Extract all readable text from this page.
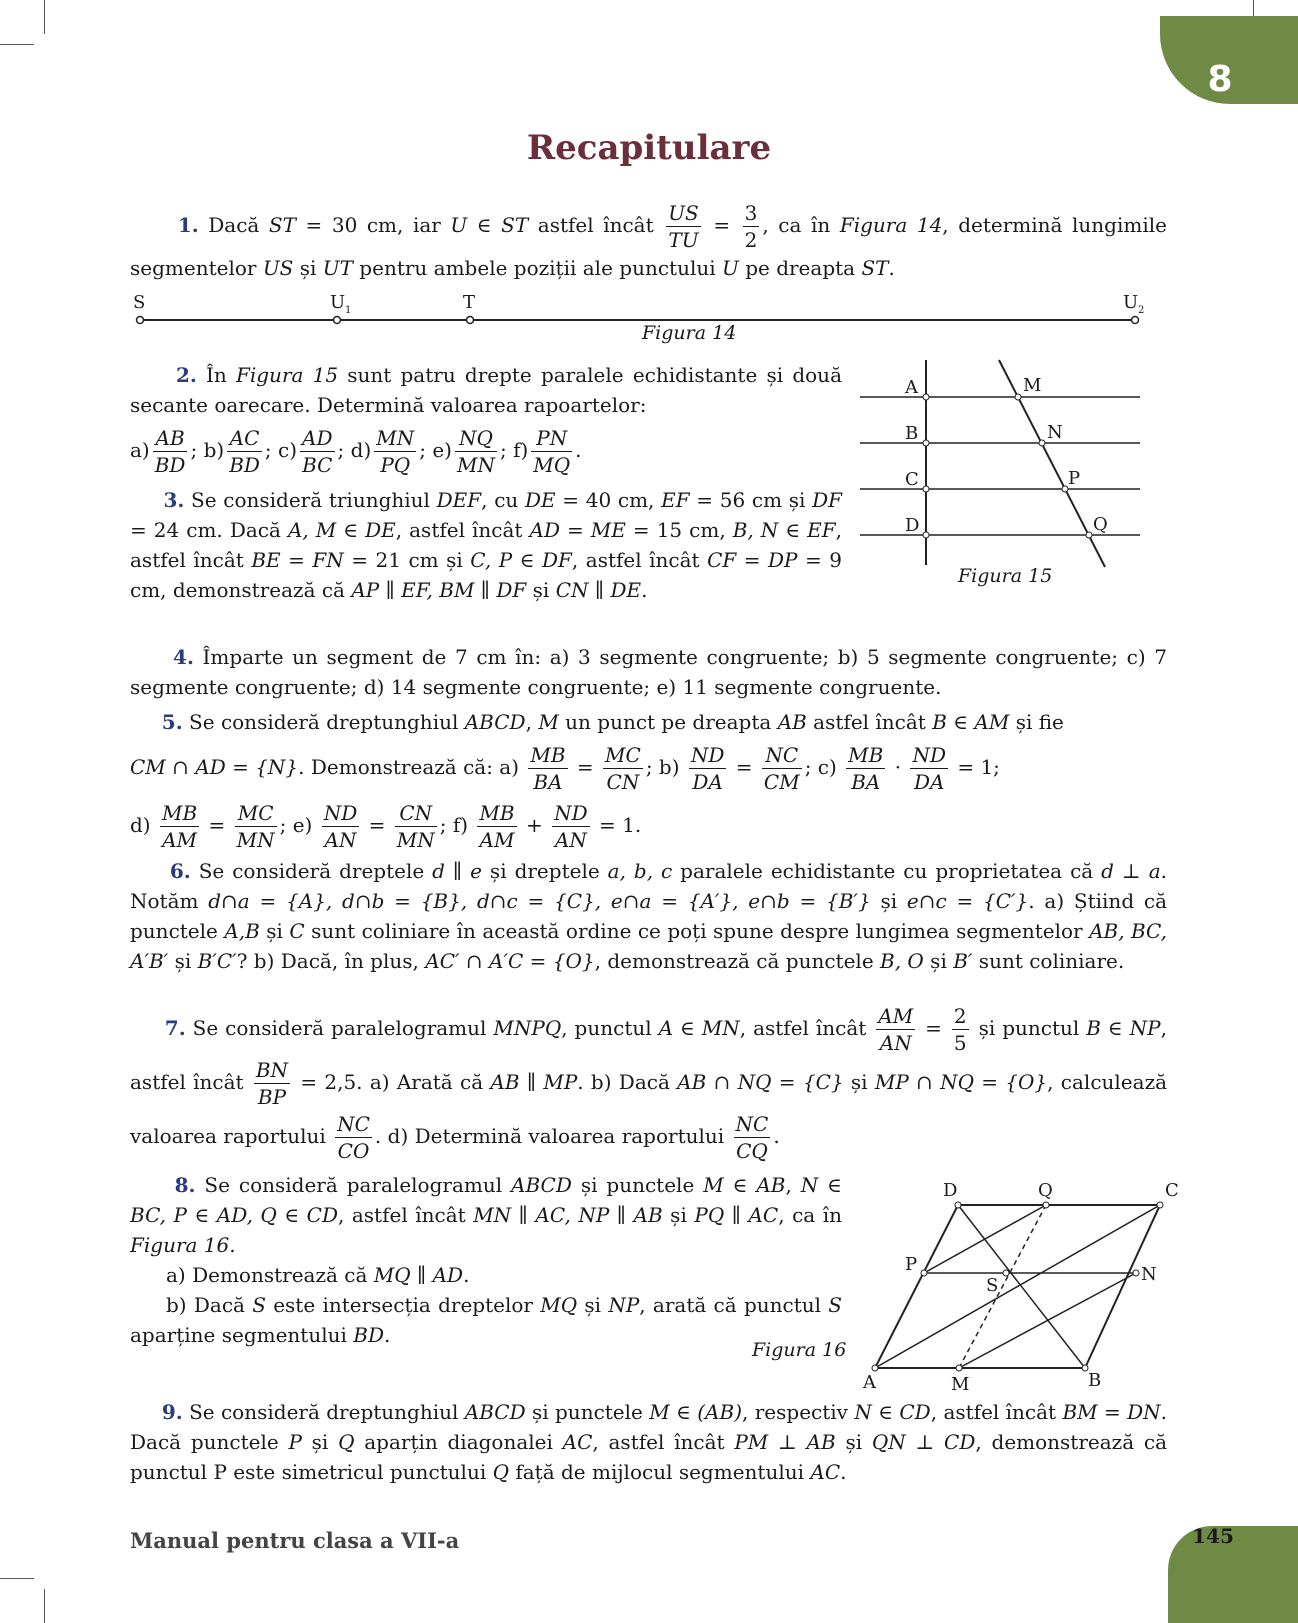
8
Recapitulare
1. Dacă ST = 30 cm, iar U ∈ ST astfel încât $\frac{US}{TU} = \frac{3}{2}$ , ca în Figura 14, determină lungimile segmentelor US și UT pentru ambele poziții ale punctului U pe dreapta ST.
S	U 1	T	U 2
Figura 14
2. În Figura 15 sunt patru drepte paralele echidistante și două secante oarecare. Determină valoarea rapoartelor:
$a) \frac{AB}{BD}$ ; $b) \frac{AC}{BD}$ ; $c) \frac{AD}{BC}$ ; $d) \frac{MN}{PQ}$ ; $e) \frac{NQ}{MN}$ ; $f) \frac{PN}{MQ}$ .
A
B
C
D
M
N
P
Q
Figura 15
3. Se consideră triunghiul DEF, cu DE = 40 cm, EF = 56 cm și DF = 24 cm. Dacă A, M ∈ DE, astfel încât AD = ME = 15 cm, B, N ∈ EF, astfel încât BE = FN = 21 cm și C, P ∈ DF, astfel încât CF = DP = 9 cm, demonstrează că AP ∥ EF, BM ∥ DF și CN ∥ DE.
4. Împarte un segment de 7 cm în: a) 3 segmente congruente; b) 5 segmente congruente; c) 7 segmente congruente; d) 14 segmente congruente; e) 11 segmente congruente.
5. Se consideră dreptunghiul ABCD, M un punct pe dreapta AB astfel încât B ∈ AM și fie
CM ∩ AD = {N}. Demonstrează că: $a) \frac{MB}{BA} = \frac{MC}{CN}$ ; $b) \frac{ND}{DA} = \frac{NC}{CM}$ ; $c) \frac{MB}{BA} \cdot \frac{ND}{DA} = 1$;
$d) \frac{MB}{AM} = \frac{MC}{MN}$ ; $e) \frac{ND}{AN} = \frac{CN}{MN}$ ; $f) \frac{MB}{AM} + \frac{ND}{AN} = 1$.
6. Se consideră dreptele d ∥ e și dreptele a, b, c paralele echidistante cu proprietatea că d ⊥ a. Notăm d∩a = {A}, d∩b = {B}, d∩c = {C}, e∩a = {A′}, e∩b = {B′} și e∩c = {C′}. a) Știind că punctele A,B și C sunt coliniare în această ordine ce poți spune despre lungimea segmentelor AB, BC, A′B′ și B′C′? b) Dacă, în plus, AC′ ∩ A′C = {O}, demonstrează că punctele B, O și B′ sunt coliniare.
7. Se consideră paralelogramul MNPQ, punctul A ∈ MN, astfel încât $\frac{AM}{AN} = \frac{2}{5}$ și punctul B ∈ NP, astfel încât $\frac{BN}{BP} = 2,5$. a) Arată că AB ∥ MP. b) Dacă AB ∩ NQ = {C} și MP ∩ NQ = {O}, calculează valoarea raportului $\frac{NC}{CO}$ . d) Determină valoarea raportului $\frac{NC}{CQ}$ .
8. Se consideră paralelogramul ABCD și punctele M ∈ AB, N ∈ BC, P ∈ AD, Q ∈ CD, astfel încât MN ∥ AC, NP ∥ AB și PQ ∥ AC, ca în Figura 16.
a) Demonstrează că MQ ∥ AD.
b) Dacă S este intersecția dreptelor MQ și NP, arată că punctul S aparține segmentului BD.
D	Q	C
P
S
N
A	M	B
Figura 16
9. Se consideră dreptunghiul ABCD și punctele M ∈ (AB), respectiv N ∈ CD, astfel încât BM = DN. Dacă punctele P și Q aparțin diagonalei AC, astfel încât PM ⊥ AB și QN ⊥ CD, demonstrează că punctul P este simetricul punctului Q față de mijlocul segmentului AC.
Manual pentru clasa a VII-a	145
